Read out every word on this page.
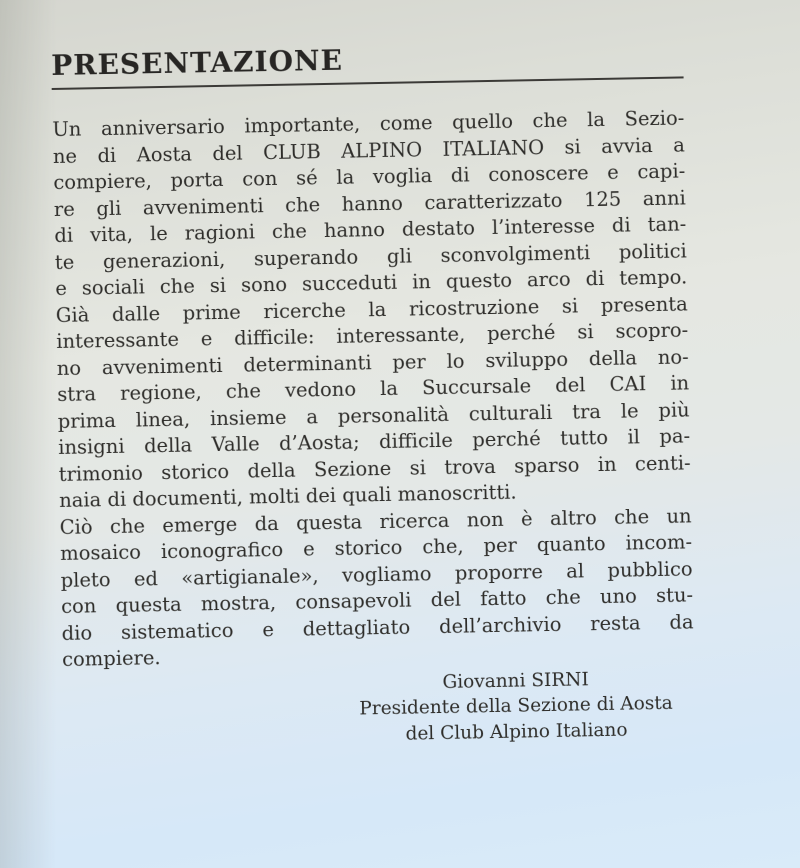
PRESENTAZIONE
Un anniversario importante, come quello che la Sezio-
ne di Aosta del CLUB ALPINO ITALIANO si avvia a
compiere, porta con sé la voglia di conoscere e capi-
re gli avvenimenti che hanno caratterizzato 125 anni
di vita, le ragioni che hanno destato l’interesse di tan-
te generazioni, superando gli sconvolgimenti politici
e sociali che si sono succeduti in questo arco di tempo.
Già dalle prime ricerche la ricostruzione si presenta
interessante e difficile: interessante, perché si scopro-
no avvenimenti determinanti per lo sviluppo della no-
stra regione, che vedono la Succursale del CAI in
prima linea, insieme a personalità culturali tra le più
insigni della Valle d’Aosta; difficile perché tutto il pa-
trimonio storico della Sezione si trova sparso in centi-
naia di documenti, molti dei quali manoscritti.
Ciò che emerge da questa ricerca non è altro che un
mosaico iconografico e storico che, per quanto incom-
pleto ed «artigianale», vogliamo proporre al pubblico
con questa mostra, consapevoli del fatto che uno stu-
dio sistematico e dettagliato dell’archivio resta da
compiere.
Giovanni SIRNI
Presidente della Sezione di Aosta
del Club Alpino Italiano
